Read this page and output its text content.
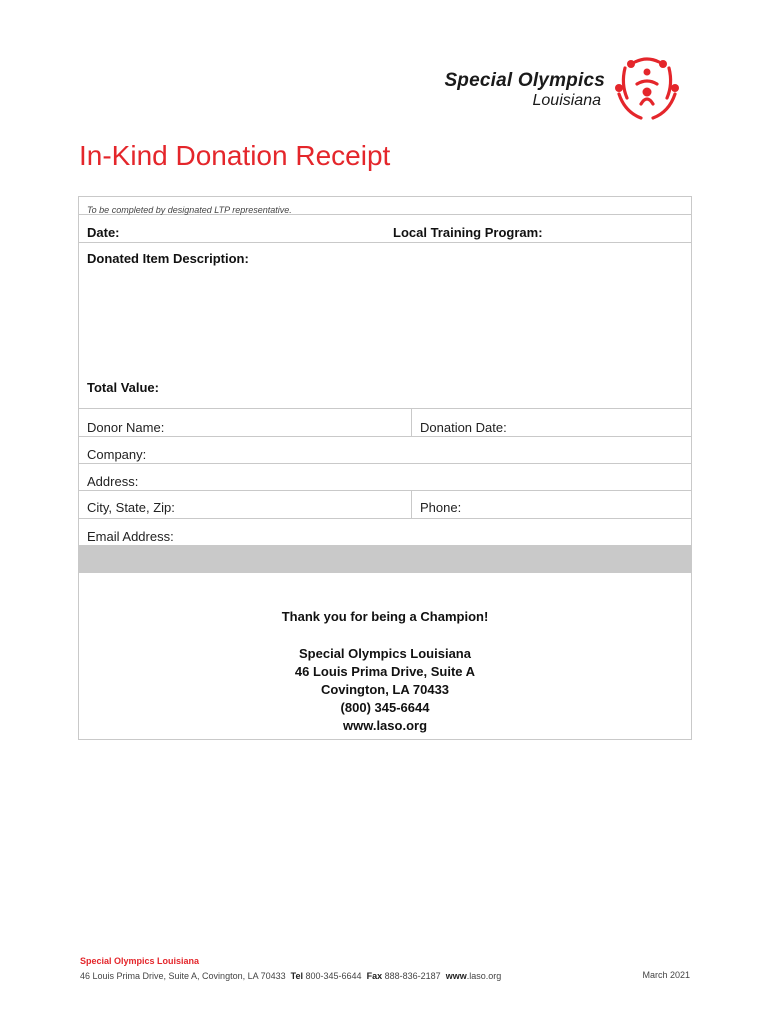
Special Olympics
Louisiana
In-Kind Donation Receipt
To be completed by designated LTP representative.
Date:	Local Training Program:
Donated Item Description:
Total Value:
Donor Name:	Donation Date:
Company:
Address:
City, State, Zip:	Phone:
Email Address:
Thank you for being a Champion!
Special Olympics Louisiana
46 Louis Prima Drive, Suite A
Covington, LA 70433
(800) 345-6644
www.laso.org
Special Olympics Louisiana
46 Louis Prima Drive, Suite A, Covington, LA 70433 Tel 800-345-6644 Fax 888-836-2187 www.laso.org	March 2021
